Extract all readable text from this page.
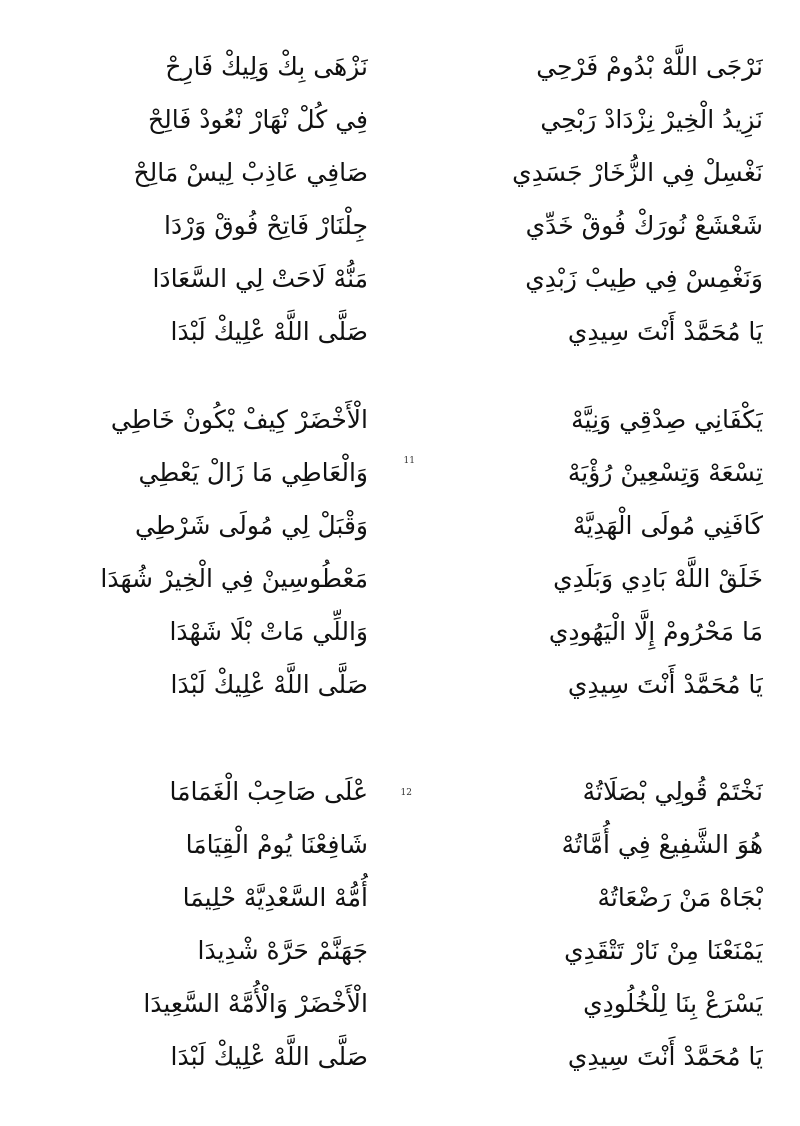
نَرْجَى اللَّهْ بْدُومْ فَرْحِي
نَزِيدُ الْخِيرْ نِزْدَادْ رَبْحِي
نَغْسِلْ فِي الزُّخَارْ جَسَدِي
شَعْشَعْ نُورَكْ فُوقْ خَدِّي
وَنَغْمِسْ فِي طِيبْ زَبْدِي
يَا مُحَمَّدْ أَنْتَ سِيدِي
نَزْهَى بِكْ وَلِيكْ فَارِحْ
فِي كُلْ نْهَارْ نْعُودْ فَالِحْ
صَافِي عَاذِبْ لِيسْ مَالِحْ
جِلْنَارْ فَاتِحْ فُوقْ وَرْدَا
مَنُّهْ لَاحَتْ لِي السَّعَادَا
صَلَّى اللَّهْ عْلِيكْ لَبْدَا
يَكْفَانِي صِدْقِي وَنِيَّهْ
تِسْعَهْ وَتِسْعِينْ رُؤْيَهْ
كَافَنِي مُولَى الْهَدِيَّهْ
خَلَقْ اللَّهْ بَادِي وَبَلَدِي
مَا مَحْرُومْ إِلَّا الْيَهُودِي
يَا مُحَمَّدْ أَنْتَ سِيدِي
11
الْأَخْضَرْ كِيفْ يْكُونْ خَاطِي
وَالْعَاطِي مَا زَالْ يَعْطِي
وَقْبَلْ لِي مُولَى شَرْطِي
مَعْطُوسِينْ فِي الْخِيرْ شُهَدَا
وَاللِّي مَاتْ بْلَا شَهْدَا
صَلَّى اللَّهْ عْلِيكْ لَبْدَا
نَخْتَمْ قُولِي بْصَلَاتُهْ
هُوَ الشَّفِيعْ فِي أُمَّاتُهْ
بْجَاهْ مَنْ رَضْعَاتُهْ
يَمْنَعْنَا مِنْ نَارْ تَتْقَدِي
يَسْرَعْ بِنَا لِلْخُلُودِي
يَا مُحَمَّدْ أَنْتَ سِيدِي
12
عْلَى صَاحِبْ الْغَمَامَا
شَافِعْنَا يُومْ الْقِيَامَا
أُمُّهْ السَّعْدِيَّهْ حْلِيمَا
جَهَنَّمْ حَرَّهْ شْدِيدَا
الْأَخْضَرْ وَالْأُمَّهْ السَّعِيدَا
صَلَّى اللَّهْ عْلِيكْ لَبْدَا
